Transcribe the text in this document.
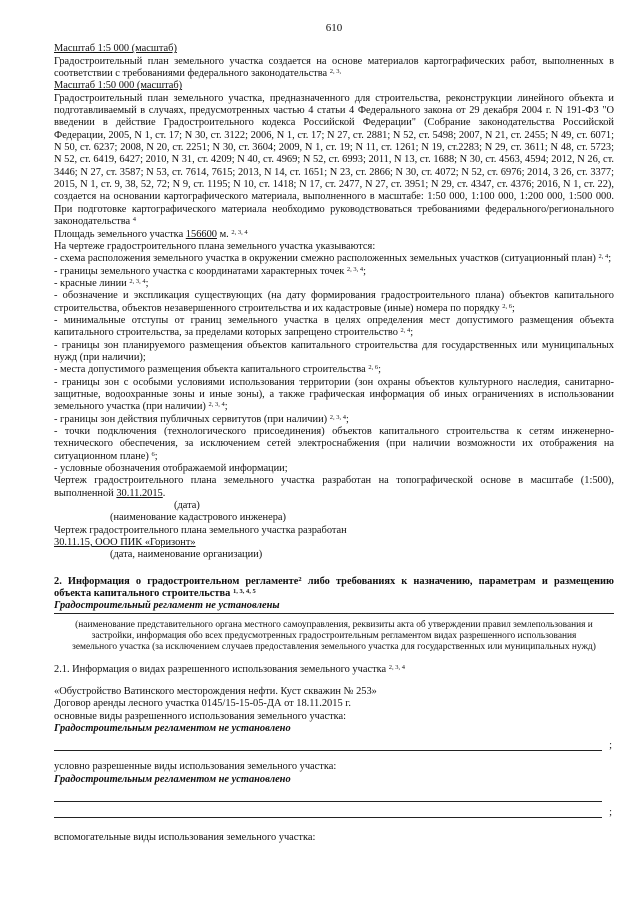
610

Масштаб 1:5 000 (масштаб)

Градостроительный план земельного участка создается на основе материалов картографических работ, выполненных в соответствии с требованиями федерального законодательства $^{2, 3,}$

Масштаб 1:50 000 (масштаб)

Градостроительный план земельного участка, предназначенного для строительства, реконструкции линейного объекта и подготавливаемый в случаях, предусмотренных частью 4 статьи 4 Федерального закона от 29 декабря 2004 г. N 191-ФЗ "О введении в действие Градостроительного кодекса Российской Федерации" (Собрание законодательства Российской Федерации, 2005, N 1, ст. 17; N 30, ст. 3122; 2006, N 1, ст. 17; N 27, ст. 2881; N 52, ст. 5498; 2007, N 21, ст. 2455; N 49, ст. 6071; N 50, ст. 6237; 2008, N 20, ст. 2251; N 30, ст. 3604; 2009, N 1, ст. 19; N 11, ст. 1261; N 19, ст.2283; N 29, ст. 3611; N 48, ст. 5723; N 52, ст. 6419, 6427; 2010, N 31, ст. 4209; N 40, ст. 4969; N 52, ст. 6993; 2011, N 13, ст. 1688; N 30, ст. 4563, 4594; 2012, N 26, ст. 3446; N 27, ст. 3587; N 53, ст. 7614, 7615; 2013, N 14, ст. 1651; N 23, ст. 2866; N 30, ст. 4072; N 52, ст. 6976; 2014, 3 26, ст. 3377; 2015, N 1, ст. 9, 38, 52, 72; N 9, ст. 1195; N 10, ст. 1418; N 17, ст. 2477, N 27, ст. 3951; N 29, ст. 4347, ст. 4376; 2016, N 1, ст. 22), создается на основании картографического материала, выполненного в масштабе: 1:50 000, 1:100 000, 1:200 000, 1:500 000. При подготовке картографического материала необходимо руководствоваться требованиями федерального/регионального законодательства $^4$

Площадь земельного участка 156600 м. $^{2, 3, 4}$

На чертеже градостроительного плана земельного участка указываются:

- схема расположения земельного участка в окружении смежно расположенных земельных участков (ситуационный план) $^{2, 4}$;

- границы земельного участка с координатами характерных точек $^{2, 3, 4}$;

- красные линии $^{2, 3, 4}$;

- обозначение и экспликация существующих (на дату формирования градостроительного плана) объектов капитального строительства, объектов незавершенного строительства и их кадастровые (иные) номера по порядку $^{2, 6}$;

- минимальные отступы от границ земельного участка в целях определения мест допустимого размещения объекта капитального строительства, за пределами которых запрещено строительство $^{2, 4}$;

- границы зон планируемого размещения объектов капитального строительства для государственных или муниципальных нужд (при наличии);

- места допустимого размещения объекта капитального строительства $^{2, 6}$;

- границы зон с особыми условиями использования территории (зон охраны объектов культурного наследия, санитарно-защитные, водоохранные зоны и иные зоны), а также графическая информация об иных ограничениях в использовании земельного участка (при наличии) $^{2, 3, 4}$;

- границы зон действия публичных сервитутов (при наличии) $^{2, 3, 4}$;

- точки подключения (технологического присоединения) объектов капитального строительства к сетям инженерно-технического обеспечения, за исключением сетей электроснабжения (при наличии возможности их отображения на ситуационном плане) $^6$;

- условные обозначения отображаемой информации;

Чертеж градостроительного плана земельного участка разработан на топографической основе в масштабе (1:500), выполненной 30.11.2015.

(дата)

(наименование кадастрового инженера)

Чертеж градостроительного плана земельного участка разработан

30.11.15, ООО ПИК «Горизонт»

(дата, наименование организации)

2. Информация о градостроительном регламенте$^2$ либо требованиях к назначению, параметрам и размещению объекта капитального строительства $^{1, 3, 4, 5}$

Градостроительный регламент не установлены

(наименование представительного органа местного самоуправления, реквизиты акта об утверждении правил землепользования и застройки, информация обо всех предусмотренных градостроительным регламентом видах разрешенного использования земельного участка (за исключением случаев предоставления земельного участка для государственных или муниципальных нужд)

2.1. Информация о видах разрешенного использования земельного участка $^{2, 3, 4}$

«Обустройство Ватинского месторождения нефти. Куст скважин № 253»

Договор аренды лесного участка 0145/15-15-05-ДА от 18.11.2015 г.

основные виды разрешенного использования земельного участка:

Градостроительным регламентом не установлено

;

условно разрешенные виды использования земельного участка:

Градостроительным регламентом не установлено

;

вспомогательные виды использования земельного участка:
